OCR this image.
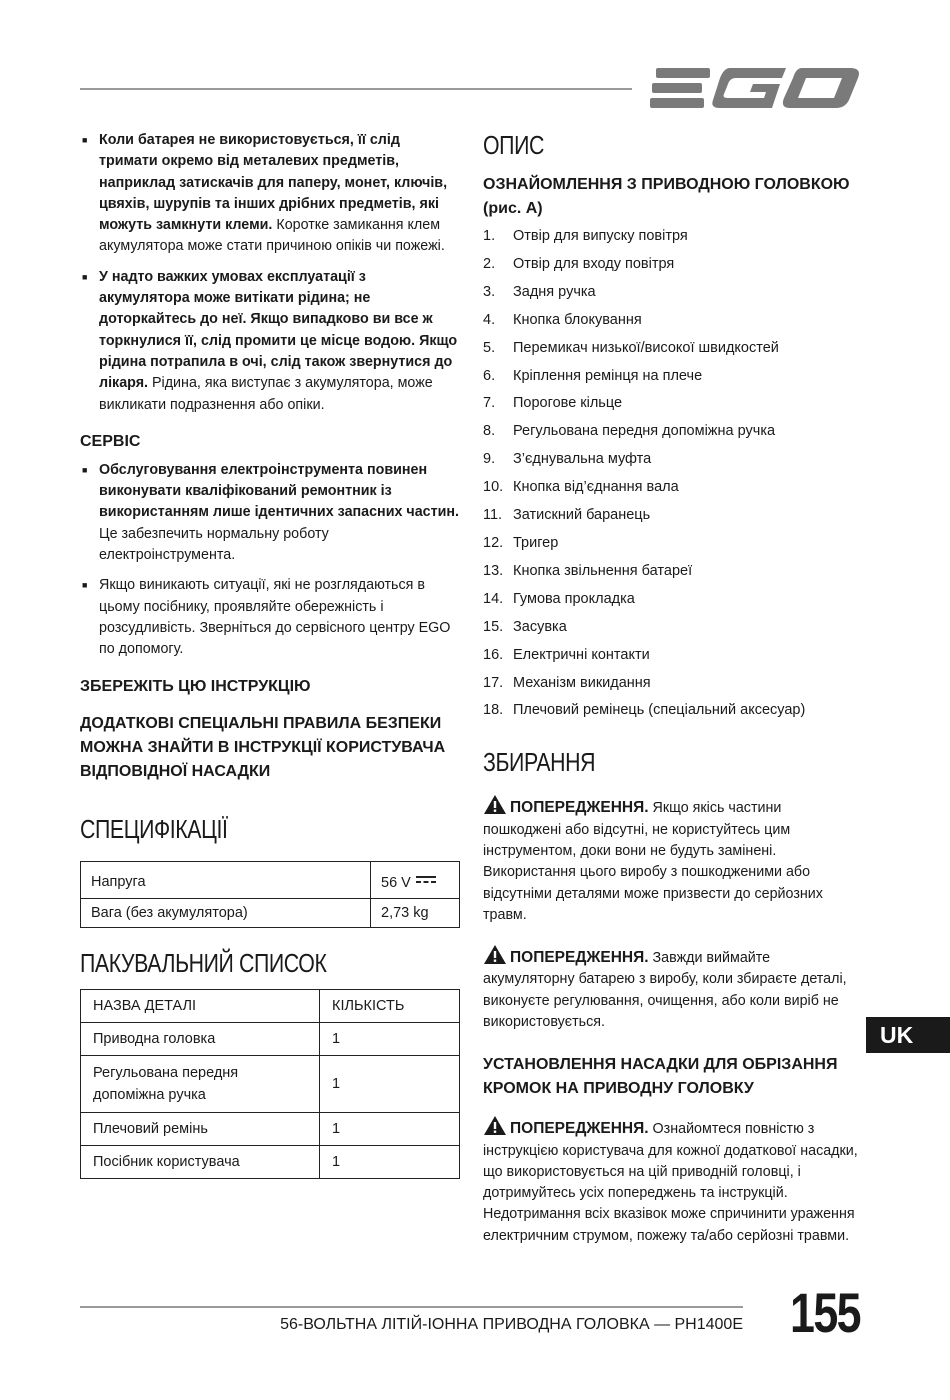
■ Коли батарея не використовується, її слід тримати окремо від металевих предметів, наприклад затискачів для паперу, монет, ключів, цвяхів, шурупів та інших дрібних предметів, які можуть замкнути клеми. Коротке замикання клем акумулятора може стати причиною опіків чи пожежі.
■ У надто важких умовах експлуатації з акумулятора може витікати рідина; не доторкайтесь до неї. Якщо випадково ви все ж торкнулися її, слід промити це місце водою. Якщо рідина потрапила в очі, слід також звернутися до лікаря. Рідина, яка виступає з акумулятора, може викликати подразнення або опіки.
СЕРВІС
■ Обслуговування електроінструмента повинен виконувати кваліфікований ремонтник із використанням лише ідентичних запасних частин. Це забезпечить нормальну роботу електроінструмента.
■ Якщо виникають ситуації, які не розглядаються в цьому посібнику, проявляйте обережність і розсудливість. Зверніться до сервісного центру EGO по допомогу.
ЗБЕРЕЖІТЬ ЦЮ ІНСТРУКЦІЮ
ДОДАТКОВІ СПЕЦІАЛЬНІ ПРАВИЛА БЕЗПЕКИ МОЖНА ЗНАЙТИ В ІНСТРУКЦІЇ КОРИСТУВАЧА ВІДПОВІДНОЇ НАСАДКИ
СПЕЦИФІКАЦІЇ
Напруга	56 V
Вага (без акумулятора)	2,73 kg
ПАКУВАЛЬНИЙ СПИСОК
НАЗВА ДЕТАЛІ	КІЛЬКІСТЬ
Приводна головка	1
Регульована передня допоміжна ручка	1
Плечовий ремінь	1
Посібник користувача	1
ОПИС
ОЗНАЙОМЛЕННЯ З ПРИВОДНОЮ ГОЛОВКОЮ (рис. А)
1.	Отвір для випуску повітря
2.	Отвір для входу повітря
3.	Задня ручка
4.	Кнопка блокування
5.	Перемикач низької/високої швидкостей
6.	Кріплення ремінця на плече
7.	Порогове кільце
8.	Регульована передня допоміжна ручка
9.	З’єднувальна муфта
10. Кнопка від’єднання вала
11. Затискний баранець
12. Тригер
13. Кнопка звільнення батареї
14. Гумова прокладка
15. Засувка
16. Електричні контакти
17. Механізм викидання
18. Плечовий ремінець (спеціальний аксесуар)
ЗБИРАННЯ

ПОПЕРЕДЖЕННЯ. Якщо якісь частини пошкоджені або відсутні, не користуйтесь цим інструментом, доки вони не будуть замінені. Використання цього виробу з пошкодженими або відсутніми деталями може призвести до серйозних травм.

ПОПЕРЕДЖЕННЯ. Завжди виймайте акумуляторну батарею з виробу, коли збираєте деталі, виконуєте регулювання, очищення, або коли виріб не використовується.

УСТАНОВЛЕННЯ НАСАДКИ ДЛЯ ОБРІЗАННЯ КРОМОК НА ПРИВОДНУ ГОЛОВКУ

ПОПЕРЕДЖЕННЯ. Ознайомтеся повністю з інструкцією користувача для кожної додаткової насадки, що використовується на цій приводній головці, і дотримуйтесь усіх попереджень та інструкцій. Недотримання всіх вказівок може спричинити ураження електричним струмом, пожежу та/або серйозні травми.

UK
56-ВОЛЬТНА ЛІТІЙ-ІОННА ПРИВОДНА ГОЛОВКА — PH1400E 155
